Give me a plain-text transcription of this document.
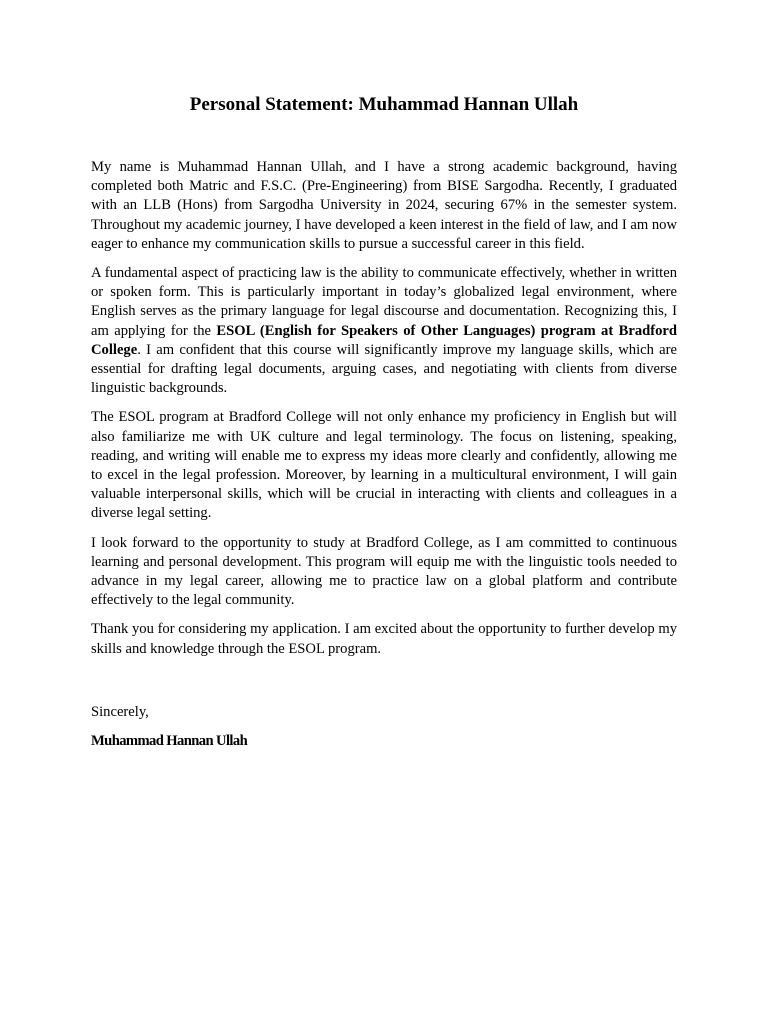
Personal Statement: Muhammad Hannan Ullah

My name is Muhammad Hannan Ullah, and I have a strong academic background, having completed both Matric and F.S.C. (Pre-Engineering) from BISE Sargodha. Recently, I graduated with an LLB (Hons) from Sargodha University in 2024, securing 67% in the semester system. Throughout my academic journey, I have developed a keen interest in the field of law, and I am now eager to enhance my communication skills to pursue a successful career in this field.

A fundamental aspect of practicing law is the ability to communicate effectively, whether in written or spoken form. This is particularly important in today’s globalized legal environment, where English serves as the primary language for legal discourse and documentation. Recognizing this, I am applying for the ESOL (English for Speakers of Other Languages) program at Bradford College. I am confident that this course will significantly improve my language skills, which are essential for drafting legal documents, arguing cases, and negotiating with clients from diverse linguistic backgrounds.

The ESOL program at Bradford College will not only enhance my proficiency in English but will also familiarize me with UK culture and legal terminology. The focus on listening, speaking, reading, and writing will enable me to express my ideas more clearly and confidently, allowing me to excel in the legal profession. Moreover, by learning in a multicultural environment, I will gain valuable interpersonal skills, which will be crucial in interacting with clients and colleagues in a diverse legal setting.

I look forward to the opportunity to study at Bradford College, as I am committed to continuous learning and personal development. This program will equip me with the linguistic tools needed to advance in my legal career, allowing me to practice law on a global platform and contribute effectively to the legal community.

Thank you for considering my application. I am excited about the opportunity to further develop my skills and knowledge through the ESOL program.

Sincerely,

Muhammad Hannan Ullah
